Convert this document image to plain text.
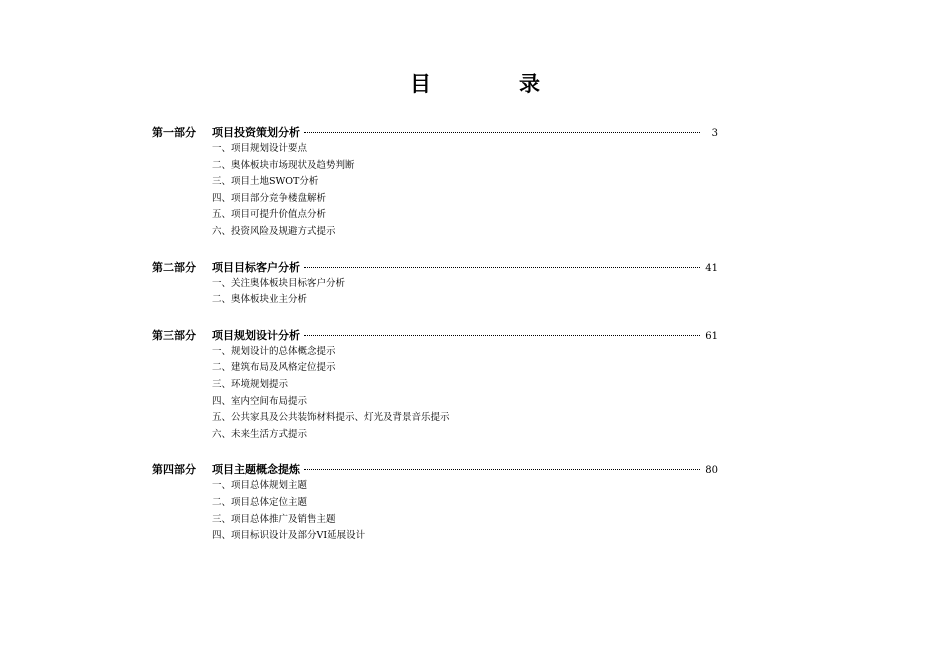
目	录
第一部分	项目投资策划分析	3
一、项目规划设计要点
二、奥体板块市场现状及趋势判断
三、项目土地SWOT分析
四、项目部分竞争楼盘解析
五、项目可提升价值点分析
六、投资风险及规避方式提示
第二部分	项目目标客户分析	41
一、关注奥体板块目标客户分析
二、奥体板块业主分析
第三部分	项目规划设计分析	61
一、规划设计的总体概念提示
二、建筑布局及风格定位提示
三、环境规划提示
四、室内空间布局提示
五、公共家具及公共装饰材料提示、灯光及背景音乐提示
六、未来生活方式提示
第四部分	项目主题概念提炼	80
一、项目总体规划主题
二、项目总体定位主题
三、项目总体推广及销售主题
四、项目标识设计及部分VI延展设计
